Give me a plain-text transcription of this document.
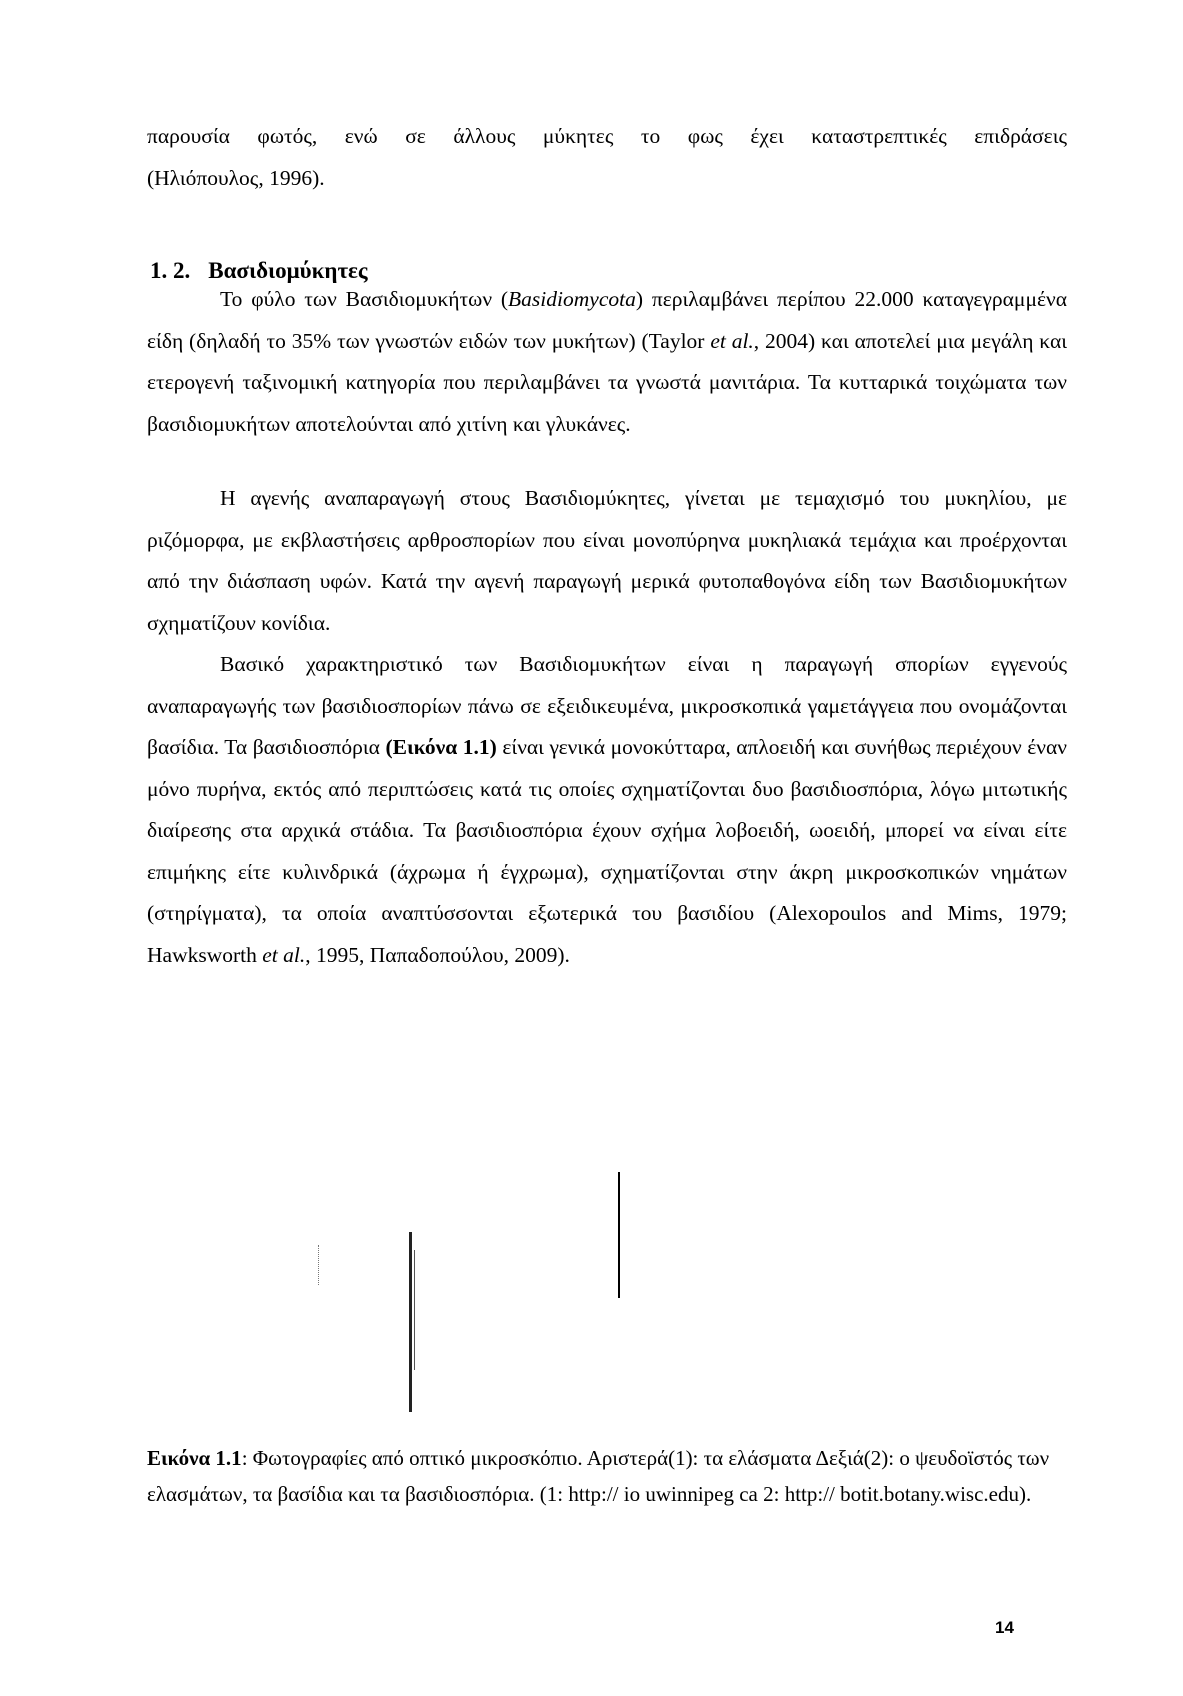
παρουσία φωτός, ενώ σε άλλους μύκητες το φως έχει καταστρεπτικές επιδράσεις
(Ηλιόπουλος, 1996).

1. 2. Βασιδιομύκητες

Το φύλο των Βασιδιομυκήτων (Basidiomycota) περιλαμβάνει περίπου 22.000 καταγεγραμμένα είδη (δηλαδή το 35% των γνωστών ειδών των μυκήτων) (Taylor et al., 2004) και αποτελεί μια μεγάλη και ετερογενή ταξινομική κατηγορία που περιλαμβάνει τα γνωστά μανιτάρια. Τα κυτταρικά τοιχώματα των βασιδιομυκήτων αποτελούνται από χιτίνη και γλυκάνες.

Η αγενής αναπαραγωγή στους Βασιδιομύκητες, γίνεται με τεμαχισμό του μυκηλίου, με ριζόμορφα, με εκβλαστήσεις αρθροσπορίων που είναι μονοπύρηνα μυκηλιακά τεμάχια και προέρχονται από την διάσπαση υφών. Κατά την αγενή παραγωγή μερικά φυτοπαθογόνα είδη των Βασιδιομυκήτων σχηματίζουν κονίδια.

Βασικό χαρακτηριστικό των Βασιδιομυκήτων είναι η παραγωγή σπορίων εγγενούς αναπαραγωγής των βασιδιοσπορίων πάνω σε εξειδικευμένα, μικροσκοπικά γαμετάγγεια που ονομάζονται βασίδια. Τα βασιδιοσπόρια (Εικόνα 1.1) είναι γενικά μονοκύτταρα, απλοειδή και συνήθως περιέχουν έναν μόνο πυρήνα, εκτός από περιπτώσεις κατά τις οποίες σχηματίζονται δυο βασιδιοσπόρια, λόγω μιτωτικής διαίρεσης στα αρχικά στάδια. Τα βασιδιοσπόρια έχουν σχήμα λοβοειδή, ωοειδή, μπορεί να είναι είτε επιμήκης είτε κυλινδρικά (άχρωμα ή έγχρωμα), σχηματίζονται στην άκρη μικροσκοπικών νημάτων (στηρίγματα), τα οποία αναπτύσσονται εξωτερικά του βασιδίου (Alexopoulos and Mims, 1979; Hawksworth et al., 1995, Παπαδοπούλου, 2009).

Εικόνα 1.1: Φωτογραφίες από οπτικό μικροσκόπιο. Αριστερά(1): τα ελάσματα Δεξιά(2): ο ψευδοϊστός των ελασμάτων, τα βασίδια και τα βασιδιοσπόρια. (1: http:// io uwinnipeg ca 2: http:// botit.botany.wisc.edu).

14
